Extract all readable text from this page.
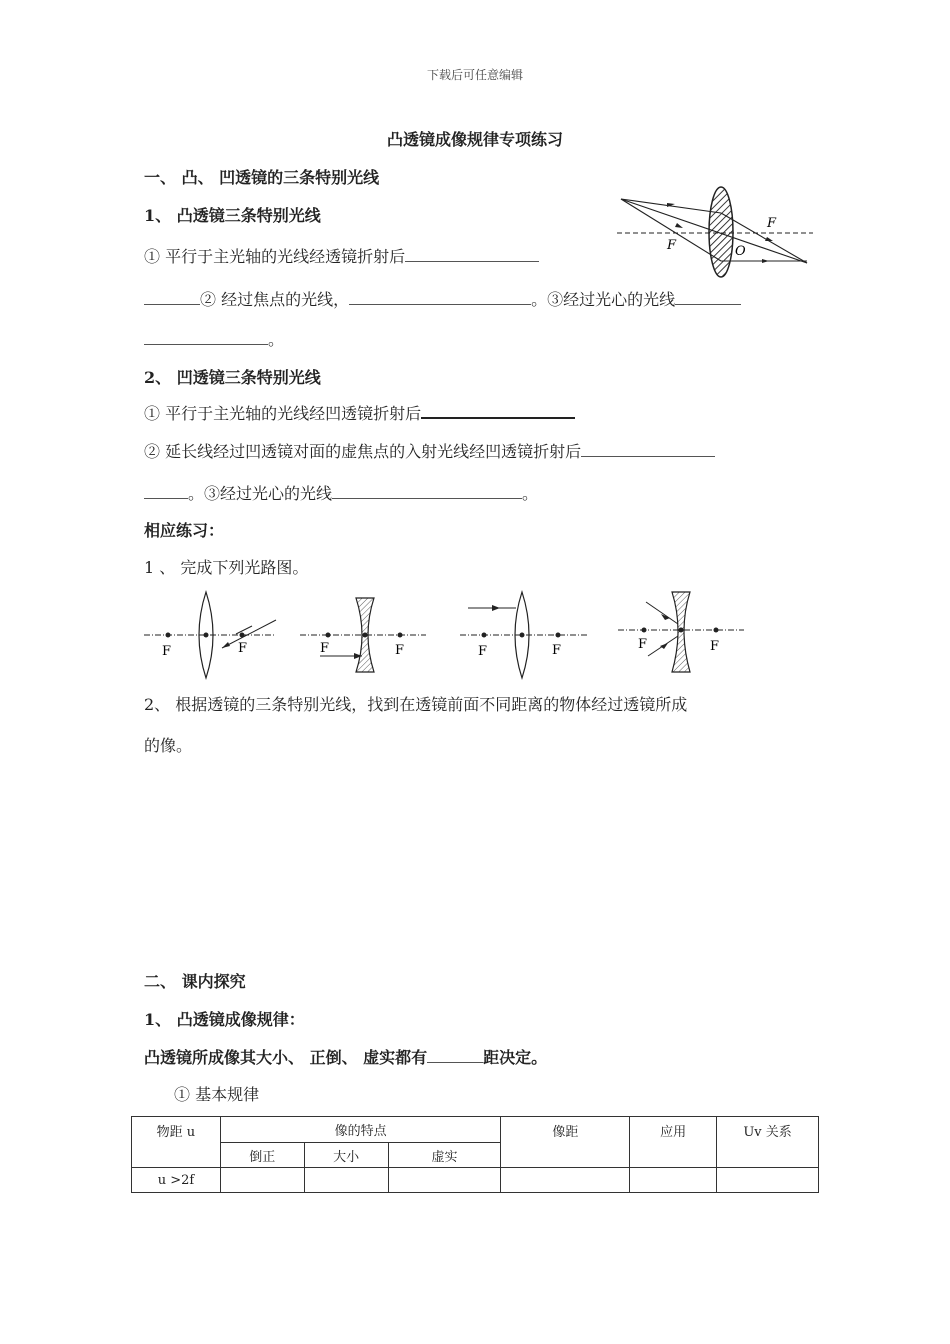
下载后可任意编辑
凸透镜成像规律专项练习
一、 凸、 凹透镜的三条特别光线
1、 凸透镜三条特别光线	F
F	O
① 平行于主光轴的光线经透镜折射后
② 经过焦点的光线，	。③经过光心的光线
。
2、 凹透镜三条特别光线
① 平行于主光轴的光线经凹透镜折射后
② 延长线经过凹透镜对面的虚焦点的入射光线经凹透镜折射后
。③经过光心的光线	。
相应练习：
1 、 完成下列光路图。
F	F	F	F	F	F	F	F
2、 根据透镜的三条特别光线，找到在透镜前面不同距离的物体经过透镜所成
的像。
二、 课内探究
1、 凸透镜成像规律：
凸透镜所成像其大小、 正倒、 虚实都有	距决定。
① 基本规律
物距 u	像的特点			像距	应用	Uv 关系
	倒正	大小	虚实			
u >2f						
